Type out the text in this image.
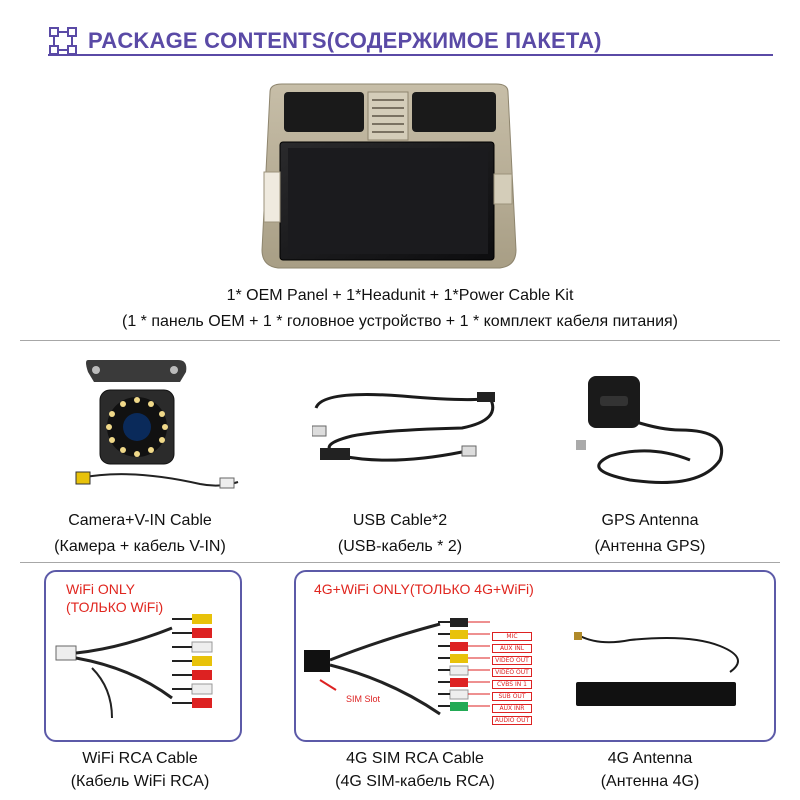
PACKAGE CONTENTS(СОДЕРЖИМОЕ ПАКЕТА)
1* OEM Panel + 1*Headunit + 1*Power Cable Kit
(1 * панель OEM + 1 * головное устройство + 1 * комплект кабеля питания)
Camera+V-IN Cable
(Камера + кабель V-IN)
USB Cable*2
(USB-кабель * 2)
GPS Antenna
(Антенна GPS)
WiFi ONLY
(ТОЛЬКО WiFi)
4G+WiFi ONLY(ТОЛЬКО 4G+WiFi)
MIC
AUX INL
VIDEO OUT
VIDEO OUT
CVBS IN 1
SUB OUT
AUX INR
AUDIO OUT
SIM Slot
WiFi RCA Cable
(Кабель WiFi RCA)
4G SIM RCA Cable
(4G SIM-кабель RCA)
4G Antenna
(Антенна 4G)
